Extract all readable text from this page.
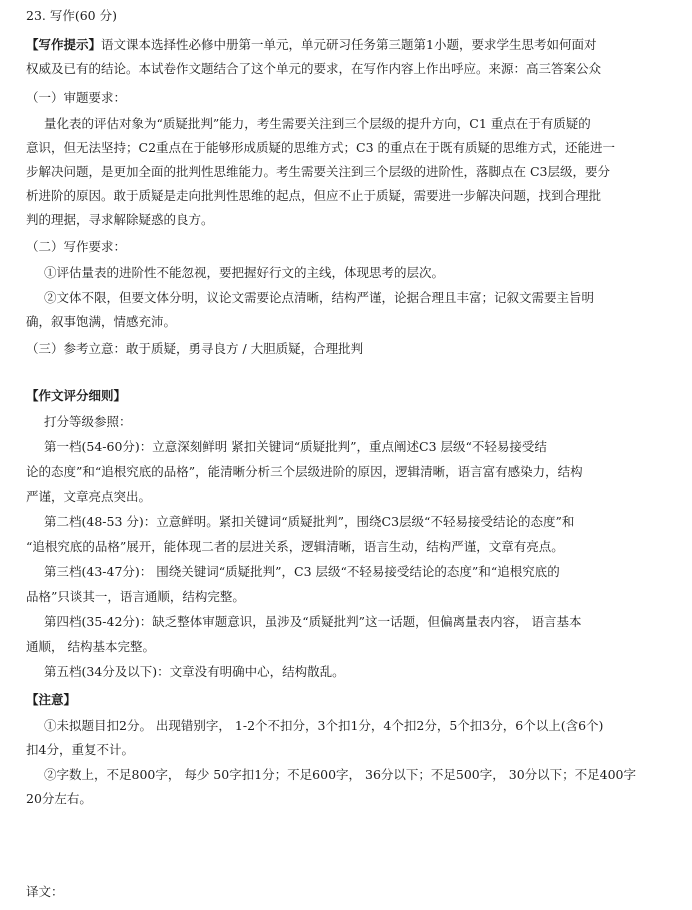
23. 写作(60 分)
【写作提示】语文课本选择性必修中册第一单元，单元研习任务第三题第1小题，要求学生思考如何面对
权威及已有的结论。本试卷作文题结合了这个单元的要求，在写作内容上作出呼应。来源：高三答案公众
（一）审题要求：
量化表的评估对象为“质疑批判”能力，考生需要关注到三个层级的提升方向，C1 重点在于有质疑的
意识，但无法坚持；C2重点在于能够形成质疑的思维方式；C3 的重点在于既有质疑的思维方式，还能进一
步解决问题，是更加全面的批判性思维能力。考生需要关注到三个层级的进阶性，落脚点在 C3层级，要分
析进阶的原因。敢于质疑是走向批判性思维的起点，但应不止于质疑，需要进一步解决问题，找到合理批
判的理据，寻求解除疑惑的良方。
（二）写作要求：
①评估量表的进阶性不能忽视，要把握好行文的主线，体现思考的层次。
②文体不限，但要文体分明，议论文需要论点清晰，结构严谨，论据合理且丰富；记叙文需要主旨明
确，叙事饱满，情感充沛。
（三）参考立意：敢于质疑，勇寻良方 / 大胆质疑，合理批判
【作文评分细则】
打分等级参照：
第一档(54-60分)：立意深刻鲜明 紧扣关键词“质疑批判”，重点阐述C3 层级“不轻易接受结
论的态度”和“追根究底的品格”，能清晰分析三个层级进阶的原因，逻辑清晰，语言富有感染力，结构
严谨，文章亮点突出。
第二档(48-53 分)：立意鲜明。紧扣关键词“质疑批判”，围绕C3层级“不轻易接受结论的态度”和
“追根究底的品格”展开，能体现二者的层进关系，逻辑清晰，语言生动，结构严谨，文章有亮点。
第三档(43-47分)： 围绕关键词“质疑批判”，C3 层级“不轻易接受结论的态度”和“追根究底的
品格”只谈其一，语言通顺，结构完整。
第四档(35-42分)：缺乏整体审题意识，虽涉及“质疑批判”这一话题，但偏离量表内容， 语言基本
通顺， 结构基本完整。
第五档(34分及以下)：文章没有明确中心，结构散乱。
【注意】
①未拟题目扣2分。 出现错别字， 1-2个不扣分，3个扣1分，4个扣2分，5个扣3分，6个以上(含6个)
扣4分，重复不计。
②字数上，不足800字， 每少 50字扣1分；不足600字， 36分以下；不足500字， 30分以下；不足400字
20分左右。
译文：
